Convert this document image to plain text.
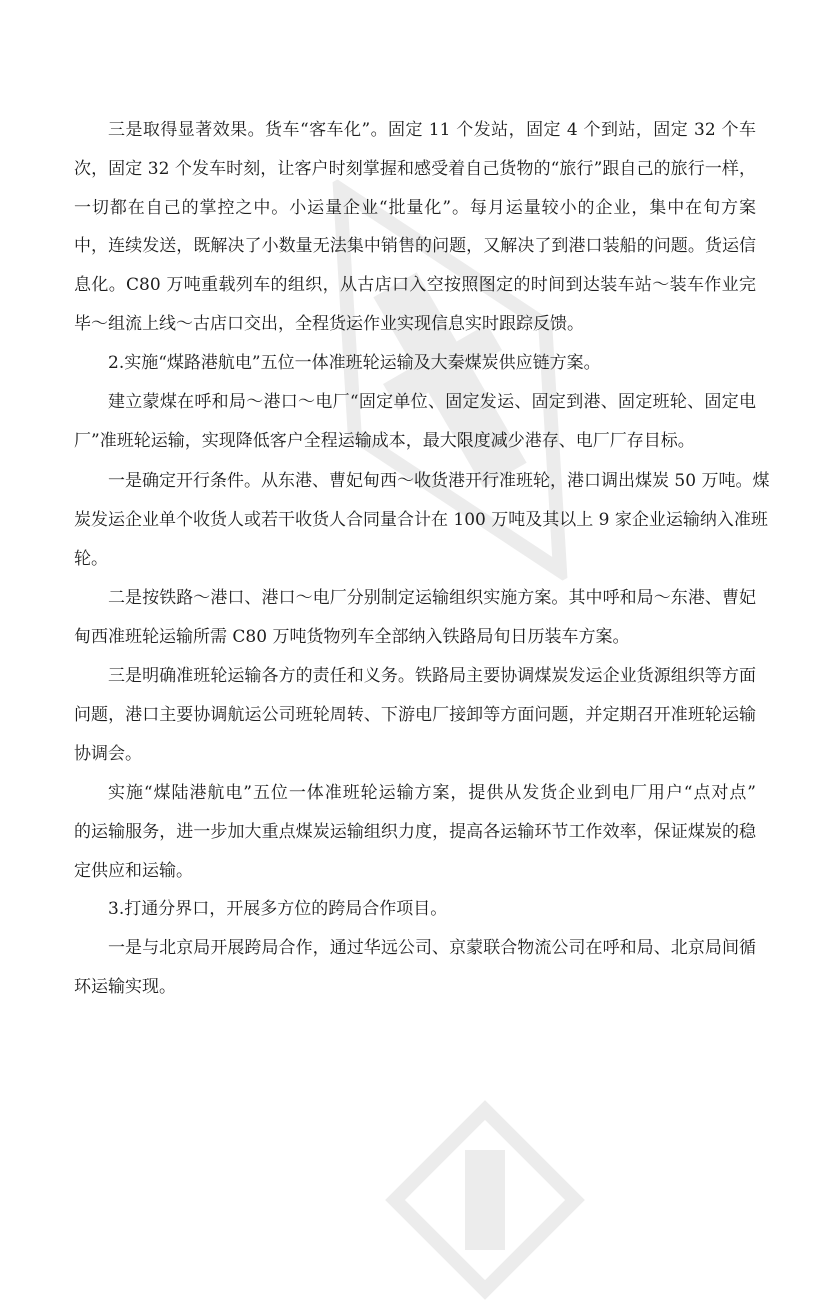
三是取得显著效果。货车“客车化”。固定 11 个发站，固定 4 个到站，固定 32 个车
次，固定 32 个发车时刻，让客户时刻掌握和感受着自己货物的“旅行”跟自己的旅行一样，
一切都在自己的掌控之中。小运量企业“批量化”。每月运量较小的企业，集中在旬方案
中，连续发送，既解决了小数量无法集中销售的问题，又解决了到港口装船的问题。货运信
息化。C80 万吨重载列车的组织，从古店口入空按照图定的时间到达装车站～装车作业完
毕～组流上线～古店口交出，全程货运作业实现信息实时跟踪反馈。
2.实施“煤路港航电”五位一体准班轮运输及大秦煤炭供应链方案。
建立蒙煤在呼和局～港口～电厂“固定单位、固定发运、固定到港、固定班轮、固定电
厂”准班轮运输，实现降低客户全程运输成本，最大限度减少港存、电厂厂存目标。
一是确定开行条件。从东港、曹妃甸西～收货港开行准班轮，港口调出煤炭 50 万吨。煤
炭发运企业单个收货人或若干收货人合同量合计在 100 万吨及其以上 9 家企业运输纳入准班
轮。
二是按铁路～港口、港口～电厂分别制定运输组织实施方案。其中呼和局～东港、曹妃
甸西准班轮运输所需 C80 万吨货物列车全部纳入铁路局旬日历装车方案。
三是明确准班轮运输各方的责任和义务。铁路局主要协调煤炭发运企业货源组织等方面
问题，港口主要协调航运公司班轮周转、下游电厂接卸等方面问题，并定期召开准班轮运输
协调会。
实施“煤陆港航电”五位一体准班轮运输方案，提供从发货企业到电厂用户“点对点”
的运输服务，进一步加大重点煤炭运输组织力度，提高各运输环节工作效率，保证煤炭的稳
定供应和运输。
3.打通分界口，开展多方位的跨局合作项目。
一是与北京局开展跨局合作，通过华远公司、京蒙联合物流公司在呼和局、北京局间循
环运输实现。
